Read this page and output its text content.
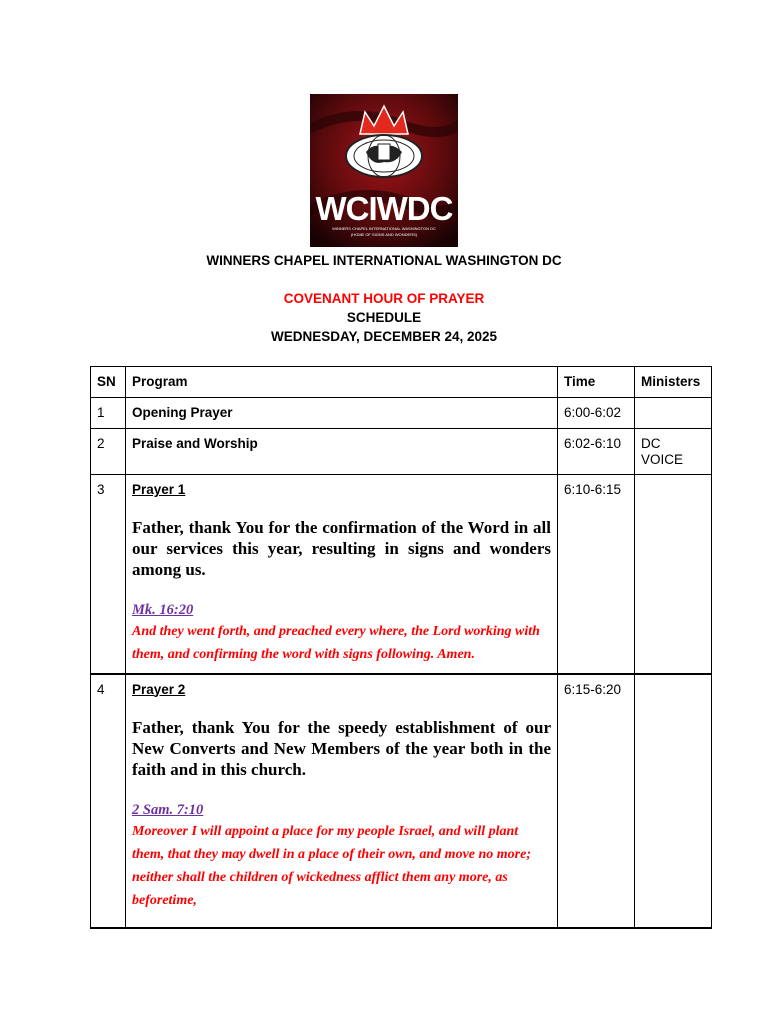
WCIWDC
WINNERS CHAPEL INTERNATIONAL WASHINGTON DC
(HOME OF SIGNS AND WONDERS)
WINNERS CHAPEL INTERNATIONAL WASHINGTON DC
COVENANT HOUR OF PRAYER
SCHEDULE
WEDNESDAY, DECEMBER 24, 2025
SN	Program	Time	Ministers
1	Opening Prayer	6:00-6:02	
2	Praise and Worship	6:02-6:10	DC VOICE
3	Prayer 1
Father, thank You for the confirmation of the Word in all our services this year, resulting in signs and wonders among us.
Mk. 16:20
And they went forth, and preached every where, the Lord working with them, and confirming the word with signs following. Amen.	6:10-6:15	
4	Prayer 2
Father, thank You for the speedy establishment of our New Converts and New Members of the year both in the faith and in this church.
2 Sam. 7:10
Moreover I will appoint a place for my people Israel, and will plant them, that they may dwell in a place of their own, and move no more; neither shall the children of wickedness afflict them any more, as beforetime,	6:15-6:20	
